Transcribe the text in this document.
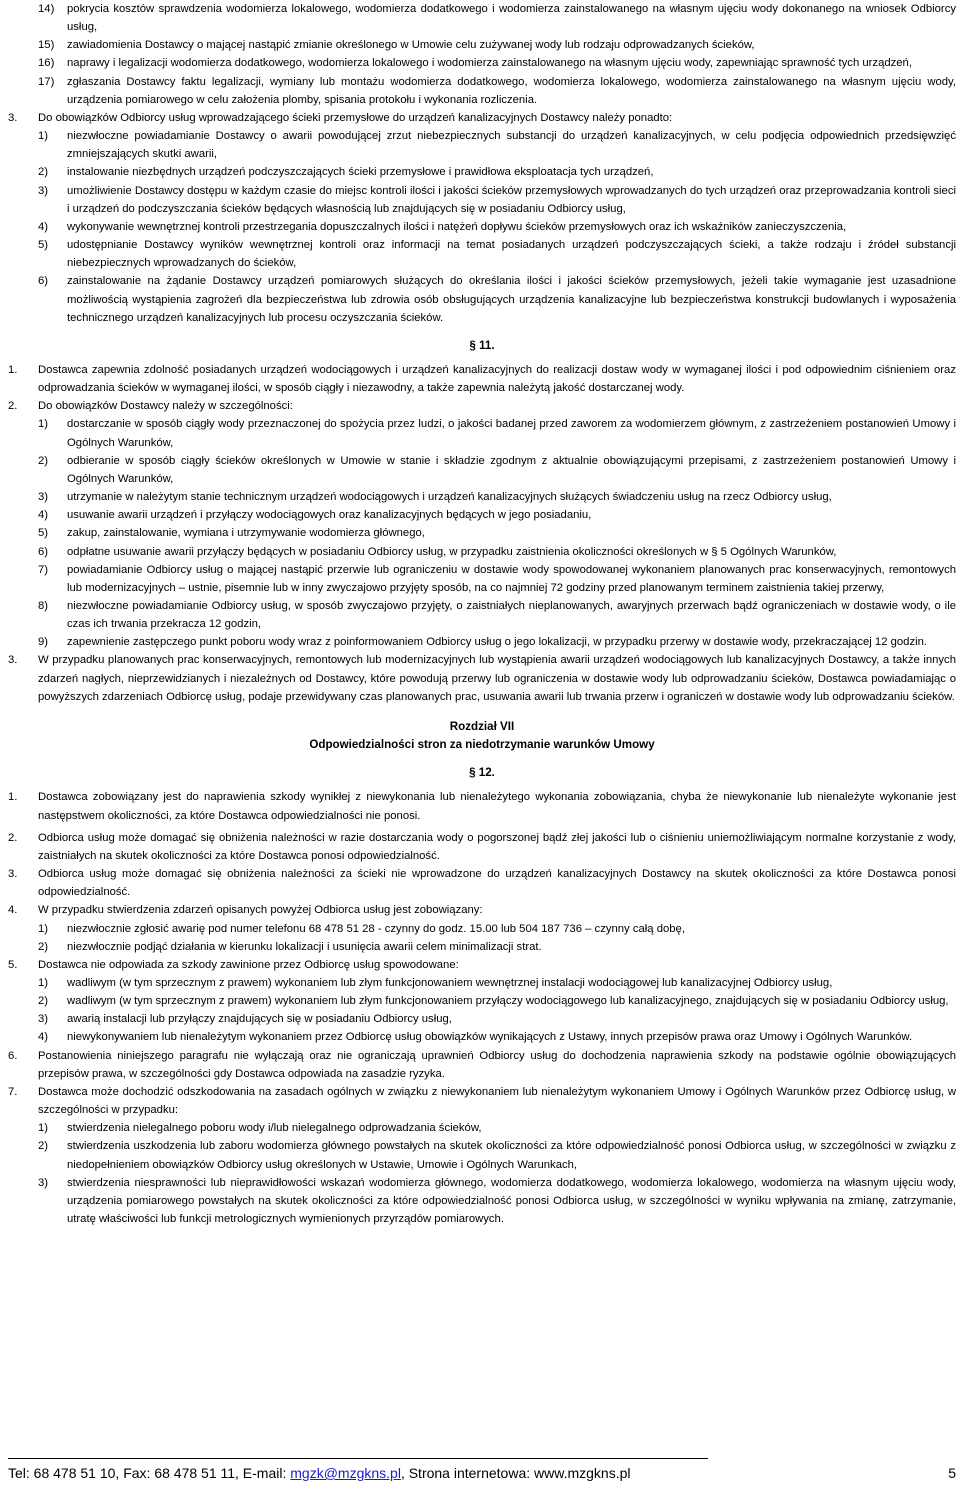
14)	pokrycia kosztów sprawdzenia wodomierza lokalowego, wodomierza dodatkowego i wodomierza zainstalowanego na własnym ujęciu wody dokonanego na wniosek Odbiorcy usług,
15)	zawiadomienia Dostawcy o mającej nastąpić zmianie określonego w Umowie celu zużywanej wody lub rodzaju odprowadzanych ścieków,
16)	naprawy i legalizacji wodomierza dodatkowego, wodomierza lokalowego i wodomierza zainstalowanego na własnym ujęciu wody, zapewniając sprawność tych urządzeń,
17)	zgłaszania Dostawcy faktu legalizacji, wymiany lub montażu wodomierza dodatkowego, wodomierza lokalowego, wodomierza zainstalowanego na własnym ujęciu wody, urządzenia pomiarowego w celu założenia plomby, spisania protokołu i wykonania rozliczenia.
3.	Do obowiązków Odbiorcy usług wprowadzającego ścieki przemysłowe do urządzeń kanalizacyjnych Dostawcy należy ponadto:
1)	niezwłoczne powiadamianie Dostawcy o awarii powodującej zrzut niebezpiecznych substancji do urządzeń kanalizacyjnych, w celu podjęcia odpowiednich przedsięwzięć zmniejszających skutki awarii,
2)	instalowanie niezbędnych urządzeń podczyszczających ścieki przemysłowe i prawidłowa eksploatacja tych urządzeń,
3)	umożliwienie Dostawcy dostępu w każdym czasie do miejsc kontroli ilości i jakości ścieków przemysłowych wprowadzanych do tych urządzeń oraz przeprowadzania kontroli sieci i urządzeń do podczyszczania ścieków będących własnością lub znajdujących się w posiadaniu Odbiorcy usług,
4)	wykonywanie wewnętrznej kontroli przestrzegania dopuszczalnych ilości i natężeń dopływu ścieków przemysłowych oraz ich wskaźników zanieczyszczenia,
5)	udostępnianie Dostawcy wyników wewnętrznej kontroli oraz informacji na temat posiadanych urządzeń podczyszczających ścieki, a także rodzaju i źródeł substancji niebezpiecznych wprowadzanych do ścieków,
6)	zainstalowanie na żądanie Dostawcy urządzeń pomiarowych służących do określania ilości i jakości ścieków przemysłowych, jeżeli takie wymaganie jest uzasadnione możliwością wystąpienia zagrożeń dla bezpieczeństwa lub zdrowia osób obsługujących urządzenia kanalizacyjne lub bezpieczeństwa konstrukcji budowlanych i wyposażenia technicznego urządzeń kanalizacyjnych lub procesu oczyszczania ścieków.
§ 11.
1.	Dostawca zapewnia zdolność posiadanych urządzeń wodociągowych i urządzeń kanalizacyjnych do realizacji dostaw wody w wymaganej ilości i pod odpowiednim ciśnieniem oraz odprowadzania ścieków w wymaganej ilości, w sposób ciągły i niezawodny, a także zapewnia należytą jakość dostarczanej wody.
2.	Do obowiązków Dostawcy należy w szczególności:
1)	dostarczanie w sposób ciągły wody przeznaczonej do spożycia przez ludzi, o jakości badanej przed zaworem za wodomierzem głównym, z zastrzeżeniem postanowień Umowy i Ogólnych Warunków,
2)	odbieranie w sposób ciągły ścieków określonych w Umowie w stanie i składzie zgodnym z aktualnie obowiązującymi przepisami, z zastrzeżeniem postanowień Umowy i Ogólnych Warunków,
3)	utrzymanie w należytym stanie technicznym urządzeń wodociągowych i urządzeń kanalizacyjnych służących świadczeniu usług na rzecz Odbiorcy usług,
4)	usuwanie awarii urządzeń i przyłączy wodociągowych oraz kanalizacyjnych będących w jego posiadaniu,
5)	zakup, zainstalowanie, wymiana i utrzymywanie wodomierza głównego,
6)	odpłatne usuwanie awarii przyłączy będących w posiadaniu Odbiorcy usług, w przypadku zaistnienia okoliczności określonych w § 5 Ogólnych Warunków,
7)	powiadamianie Odbiorcy usług o mającej nastąpić przerwie lub ograniczeniu w dostawie wody spowodowanej wykonaniem planowanych prac konserwacyjnych, remontowych lub modernizacyjnych – ustnie, pisemnie lub w inny zwyczajowo przyjęty sposób, na co najmniej 72 godziny przed planowanym terminem zaistnienia takiej przerwy,
8)	niezwłoczne powiadamianie Odbiorcy usług, w sposób zwyczajowo przyjęty, o zaistniałych nieplanowanych, awaryjnych przerwach bądź ograniczeniach w dostawie wody, o ile czas ich trwania przekracza 12 godzin,
9)	zapewnienie zastępczego punkt poboru wody wraz z poinformowaniem Odbiorcy usług o jego lokalizacji, w przypadku przerwy w dostawie wody, przekraczającej 12 godzin.
3.	W przypadku planowanych prac konserwacyjnych, remontowych lub modernizacyjnych lub wystąpienia awarii urządzeń wodociągowych lub kanalizacyjnych Dostawcy, a także innych zdarzeń nagłych, nieprzewidzianych i niezależnych od Dostawcy, które powodują przerwy lub ograniczenia w dostawie wody lub odprowadzaniu ścieków, Dostawca powiadamiając o powyższych zdarzeniach Odbiorcę usług, podaje przewidywany czas planowanych prac, usuwania awarii lub trwania przerw i ograniczeń w dostawie wody lub odprowadzaniu ścieków.
Rozdział VII
Odpowiedzialności stron za niedotrzymanie warunków Umowy
§ 12.
1.	Dostawca zobowiązany jest do naprawienia szkody wynikłej z niewykonania lub nienależytego wykonania zobowiązania, chyba że niewykonanie lub nienależyte wykonanie jest następstwem okoliczności, za które Dostawca odpowiedzialności nie ponosi.
2.	Odbiorca usług może domagać się obniżenia należności w razie dostarczania wody o pogorszonej bądź złej jakości lub o ciśnieniu uniemożliwiającym normalne korzystanie z wody, zaistniałych na skutek okoliczności za które Dostawca ponosi odpowiedzialność.
3.	Odbiorca usług może domagać się obniżenia należności za ścieki nie wprowadzone do urządzeń kanalizacyjnych Dostawcy na skutek okoliczności za które Dostawca ponosi odpowiedzialność.
4.	W przypadku stwierdzenia zdarzeń opisanych powyżej Odbiorca usług jest zobowiązany:
1)	niezwłocznie zgłosić awarię pod numer telefonu 68 478 51 28 - czynny do godz. 15.00 lub 504 187 736 – czynny całą dobę,
2)	niezwłocznie podjąć działania w kierunku lokalizacji i usunięcia awarii celem minimalizacji strat.
5.	Dostawca nie odpowiada za szkody zawinione przez Odbiorcę usług spowodowane:
1)	wadliwym (w tym sprzecznym z prawem) wykonaniem lub złym funkcjonowaniem wewnętrznej instalacji wodociągowej lub kanalizacyjnej Odbiorcy usług,
2)	wadliwym (w tym sprzecznym z prawem) wykonaniem lub złym funkcjonowaniem przyłączy wodociągowego lub kanalizacyjnego, znajdujących się w posiadaniu Odbiorcy usług,
3)	awarią instalacji lub przyłączy znajdujących się w posiadaniu Odbiorcy usług,
4)	niewykonywaniem lub nienależytym wykonaniem przez Odbiorcę usług obowiązków wynikających z Ustawy, innych przepisów prawa oraz Umowy i Ogólnych Warunków.
6.	Postanowienia niniejszego paragrafu nie wyłączają oraz nie ograniczają uprawnień Odbiorcy usług do dochodzenia naprawienia szkody na podstawie ogólnie obowiązujących przepisów prawa, w szczególności gdy Dostawca odpowiada na zasadzie ryzyka.
7.	Dostawca może dochodzić odszkodowania na zasadach ogólnych w związku z niewykonaniem lub nienależytym wykonaniem Umowy i Ogólnych Warunków przez Odbiorcę usług, w szczególności w przypadku:
1)	stwierdzenia nielegalnego poboru wody i/lub nielegalnego odprowadzania ścieków,
2)	stwierdzenia uszkodzenia lub zaboru wodomierza głównego powstałych na skutek okoliczności za które odpowiedzialność ponosi Odbiorca usług, w szczególności w związku z niedopełnieniem obowiązków Odbiorcy usług określonych w Ustawie, Umowie i Ogólnych Warunkach,
3)	stwierdzenia niesprawności lub nieprawidłowości wskazań wodomierza głównego, wodomierza dodatkowego, wodomierza lokalowego, wodomierza na własnym ujęciu wody, urządzenia pomiarowego powstałych na skutek okoliczności za które odpowiedzialność ponosi Odbiorca usług, w szczególności w wyniku wpływania na zmianę, zatrzymanie, utratę właściwości lub funkcji metrologicznych wymienionych przyrządów pomiarowych.
Tel: 68 478 51 10, Fax: 68 478 51 11, E-mail: mgzk@mzgkns.pl, Strona internetowa: www.mzgkns.pl	5
